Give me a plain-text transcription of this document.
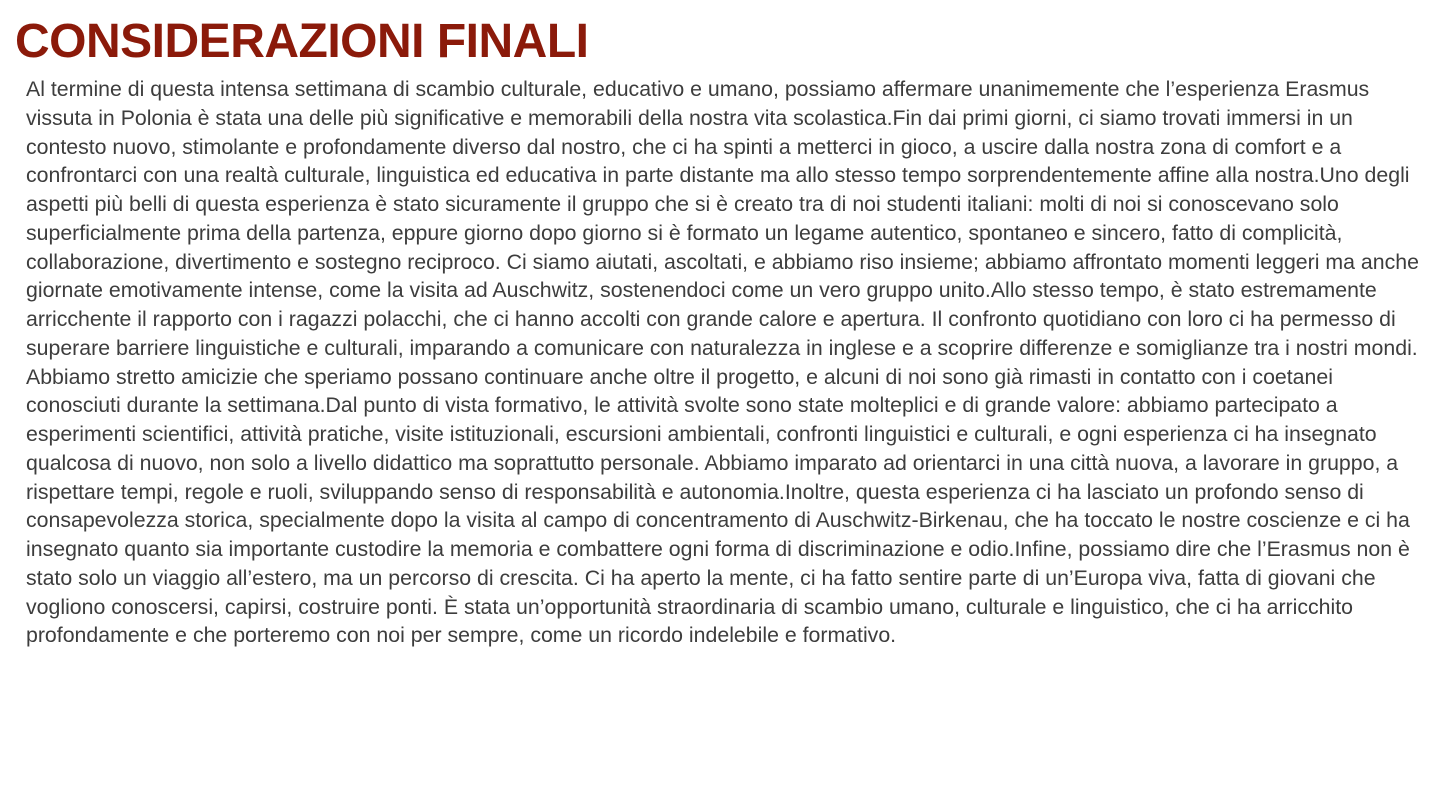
CONSIDERAZIONI FINALI

Al termine di questa intensa settimana di scambio culturale, educativo e umano, possiamo affermare unanimemente che l’esperienza Erasmus vissuta in Polonia è stata una delle più significative e memorabili della nostra vita scolastica.Fin dai primi giorni, ci siamo trovati immersi in un contesto nuovo, stimolante e profondamente diverso dal nostro, che ci ha spinti a metterci in gioco, a uscire dalla nostra zona di comfort e a confrontarci con una realtà culturale, linguistica ed educativa in parte distante ma allo stesso tempo sorprendentemente affine alla nostra.Uno degli aspetti più belli di questa esperienza è stato sicuramente il gruppo che si è creato tra di noi studenti italiani: molti di noi si conoscevano solo superficialmente prima della partenza, eppure giorno dopo giorno si è formato un legame autentico, spontaneo e sincero, fatto di complicità, collaborazione, divertimento e sostegno reciproco. Ci siamo aiutati, ascoltati, e abbiamo riso insieme; abbiamo affrontato momenti leggeri ma anche giornate emotivamente intense, come la visita ad Auschwitz, sostenendoci come un vero gruppo unito.Allo stesso tempo, è stato estremamente arricchente il rapporto con i ragazzi polacchi, che ci hanno accolti con grande calore e apertura. Il confronto quotidiano con loro ci ha permesso di superare barriere linguistiche e culturali, imparando a comunicare con naturalezza in inglese e a scoprire differenze e somiglianze tra i nostri mondi. Abbiamo stretto amicizie che speriamo possano continuare anche oltre il progetto, e alcuni di noi sono già rimasti in contatto con i coetanei conosciuti durante la settimana.Dal punto di vista formativo, le attività svolte sono state molteplici e di grande valore: abbiamo partecipato a esperimenti scientifici, attività pratiche, visite istituzionali, escursioni ambientali, confronti linguistici e culturali, e ogni esperienza ci ha insegnato qualcosa di nuovo, non solo a livello didattico ma soprattutto personale. Abbiamo imparato ad orientarci in una città nuova, a lavorare in gruppo, a rispettare tempi, regole e ruoli, sviluppando senso di responsabilità e autonomia.Inoltre, questa esperienza ci ha lasciato un profondo senso di consapevolezza storica, specialmente dopo la visita al campo di concentramento di Auschwitz-Birkenau, che ha toccato le nostre coscienze e ci ha insegnato quanto sia importante custodire la memoria e combattere ogni forma di discriminazione e odio.Infine, possiamo dire che l’Erasmus non è stato solo un viaggio all’estero, ma un percorso di crescita. Ci ha aperto la mente, ci ha fatto sentire parte di un’Europa viva, fatta di giovani che vogliono conoscersi, capirsi, costruire ponti. È stata un’opportunità straordinaria di scambio umano, culturale e linguistico, che ci ha arricchito profondamente e che porteremo con noi per sempre, come un ricordo indelebile e formativo.
